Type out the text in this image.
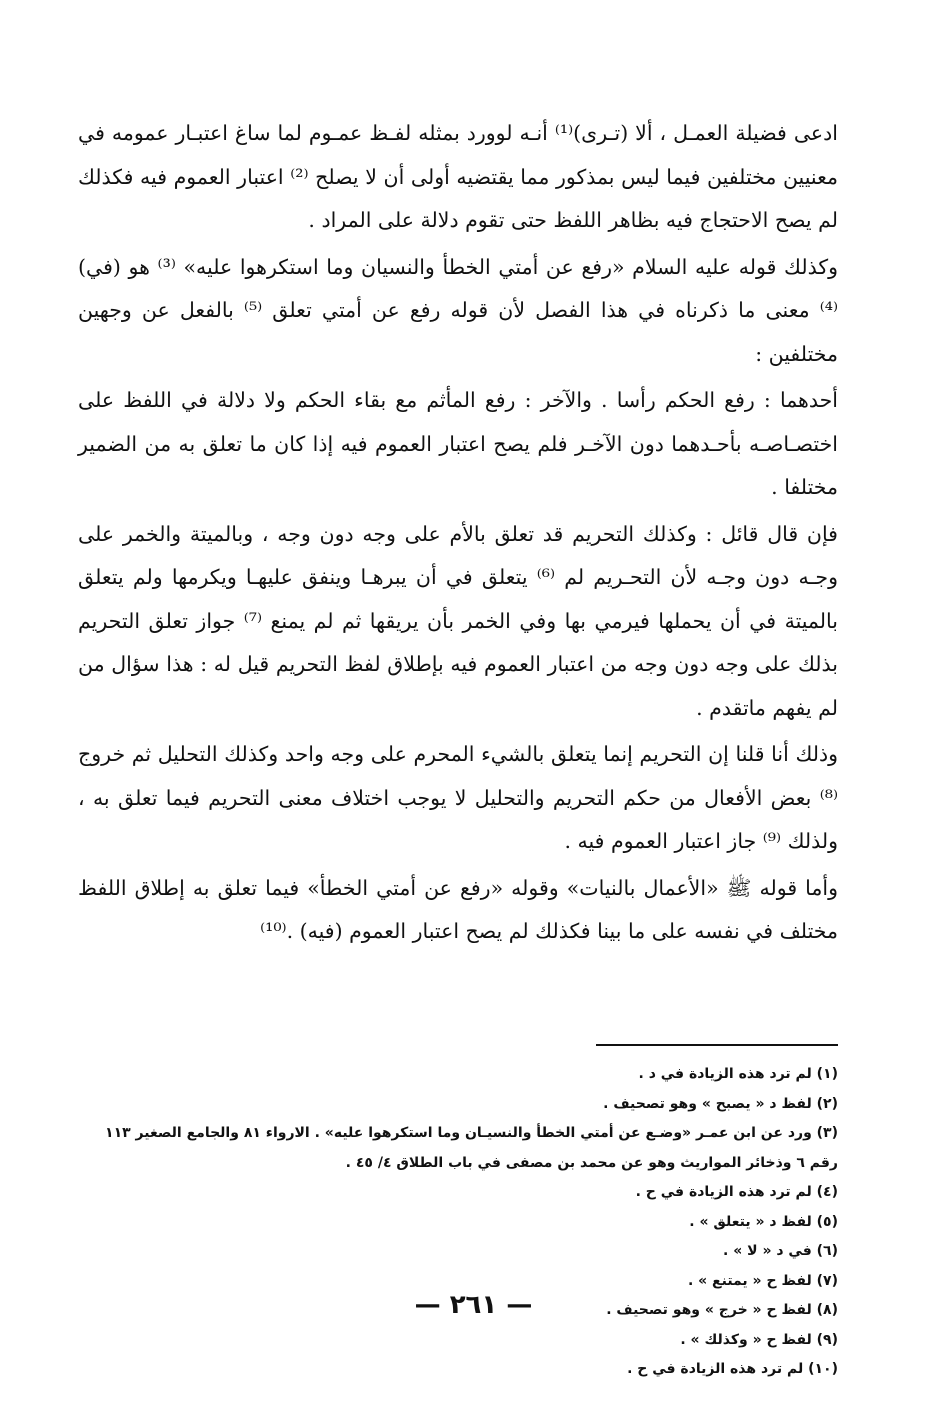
ادعى فضيلة العمـل ، ألا (تـرى)⁽¹⁾ أنـه لوورد بمثله لفـظ عمـوم لما ساغ اعتبـار عمومه في معنيين مختلفين فيما ليس بمذكور مما يقتضيه أولى أن لا يصلح ⁽²⁾ اعتبار العموم فيه فكذلك لم يصح الاحتجاج فيه بظاهر اللفظ حتى تقوم دلالة على المراد .

وكذلك قوله عليه السلام «رفع عن أمتي الخطأ والنسيان وما استكرهوا عليه» ⁽³⁾ هو (في) ⁽⁴⁾ معنى ما ذكرناه في هذا الفصل لأن قوله رفع عن أمتي تعلق ⁽⁵⁾ بالفعل عن وجهين مختلفين :

أحدهما : رفع الحكم رأسا . والآخر : رفع المأثم مع بقاء الحكم ولا دلالة في اللفظ على اختصـاصـه بأحـدهما دون الآخـر فلم يصح اعتبار العموم فيه إذا كان ما تعلق به من الضمير مختلفا .

فإن قال قائل : وكذلك التحريم قد تعلق بالأم على وجه دون وجه ، وبالميتة والخمر على وجـه دون وجـه لأن التحـريم لم ⁽⁶⁾ يتعلق في أن يبرهـا وينفق عليهـا ويكرمها ولم يتعلق بالميتة في أن يحملها فيرمي بها وفي الخمر بأن يريقها ثم لم يمنع ⁽⁷⁾ جواز تعلق التحريم بذلك على وجه دون وجه من اعتبار العموم فيه بإطلاق لفظ التحريم قيل له : هذا سؤال من لم يفهم ماتقدم .

وذلك أنا قلنا إن التحريم إنما يتعلق بالشيء المحرم على وجه واحد وكذلك التحليل ثم خروج ⁽⁸⁾ بعض الأفعال من حكم التحريم والتحليل لا يوجب اختلاف معنى التحريم فيما تعلق به ، ولذلك ⁽⁹⁾ جاز اعتبار العموم فيه .

وأما قوله ﷺ «الأعمال بالنيات» وقوله «رفع عن أمتي الخطأ» فيما تعلق به إطلاق اللفظ مختلف في نفسه على ما بينا فكذلك لم يصح اعتبار العموم (فيه) .⁽¹⁰⁾

(١) لم ترد هذه الزيادة في د .

(٢) لفظ د « يصبح » وهو تصحيف .

(٣) ورد عن ابن عمـر «وضـع عن أمتي الخطأ والنسيـان وما استكرهوا عليه» . الارواء ٨١ والجامع الصغير ١١٣

رقم ٦ وذخائر المواريث وهو عن محمد بن مصفى في باب الطلاق ٤/ ٤٥ .

(٤) لم ترد هذه الزيادة في ح .

(٥) لفظ د « يتعلق » .

(٦) في د « لا » .

(٧) لفظ ح « يمتنع » .

(٨) لفظ ح « خرج » وهو تصحيف .

(٩) لفظ ح « وكذلك » .

(١٠) لم ترد هذه الزيادة في ح .

— ٢٦١ —
